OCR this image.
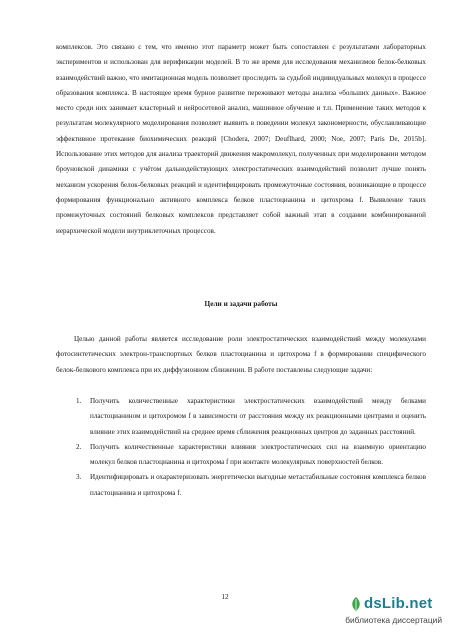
комплексов. Это связано с тем, что именно этот параметр может быть сопоставлен с результатами лабораторных экспериментов и использован для верификации моделей. В то же время для исследования механизмов белок-белковых взаимодействий важно, что имитационная модель позволяет проследить за судьбой индивидуальных молекул в процессе образования комплекса. В настоящее время бурное развитие переживают методы анализа «больших данных». Важное место среди них занимает кластерный и нейросетевой анализ, машинное обучение и т.п. Применение таких методов к результатам молекулярного моделирования позволяет выявить в поведении молекул закономерности, обуславливающие эффективное протекание биохимических реакций [Chodera, 2007; Deuflhard, 2000; Noe, 2007; Paris De, 2015b]. Использование этих методов для анализа траекторий движения макромолекул, полученных при моделировании методом броуновской динамики с учётом дальнодействующих электростатических взаимодействий позволит лучше понять механизм ускорения белок-белковых реакций и идентифицировать промежуточные состояния, возникающие в процессе формирования функционально активного комплекса белков пластоцианина и цитохрома f. Выявление таких промежуточных состояний белковых комплексов представляет собой важный этап в создании комбинированной иерархической модели внутриклеточных процессов.

Цели и задачи работы

Целью данной работы является исследование роли электростатических взаимодействий между молекулами фотосинтетических электрон-транспортных белков пластоцианина и цитохрома f в формировании специфического белок-белкового комплекса при их диффузионном сближении. В работе поставлены следующие задачи:

1. Получить количественные характеристики электростатических взаимодействий между белками пластоцианином и цитохромом f в зависимости от расстояния между их реакционными центрами и оценить влияние этих взаимодействий на среднее время сближения реакционных центров до заданных расстояний.
2. Получить количественные характеристики влияния электростатических сил на взаимную ориентацию молекул белков пластоцианина и цитохрома f при контакте молекулярных поверхностей белков.
3. Идентифицировать и охарактеризовать энергетически выгодные метастабильные состояния комплекса белков пластоцианина и цитохрома f.
12	dsLib.net
библиотека диссертаций
